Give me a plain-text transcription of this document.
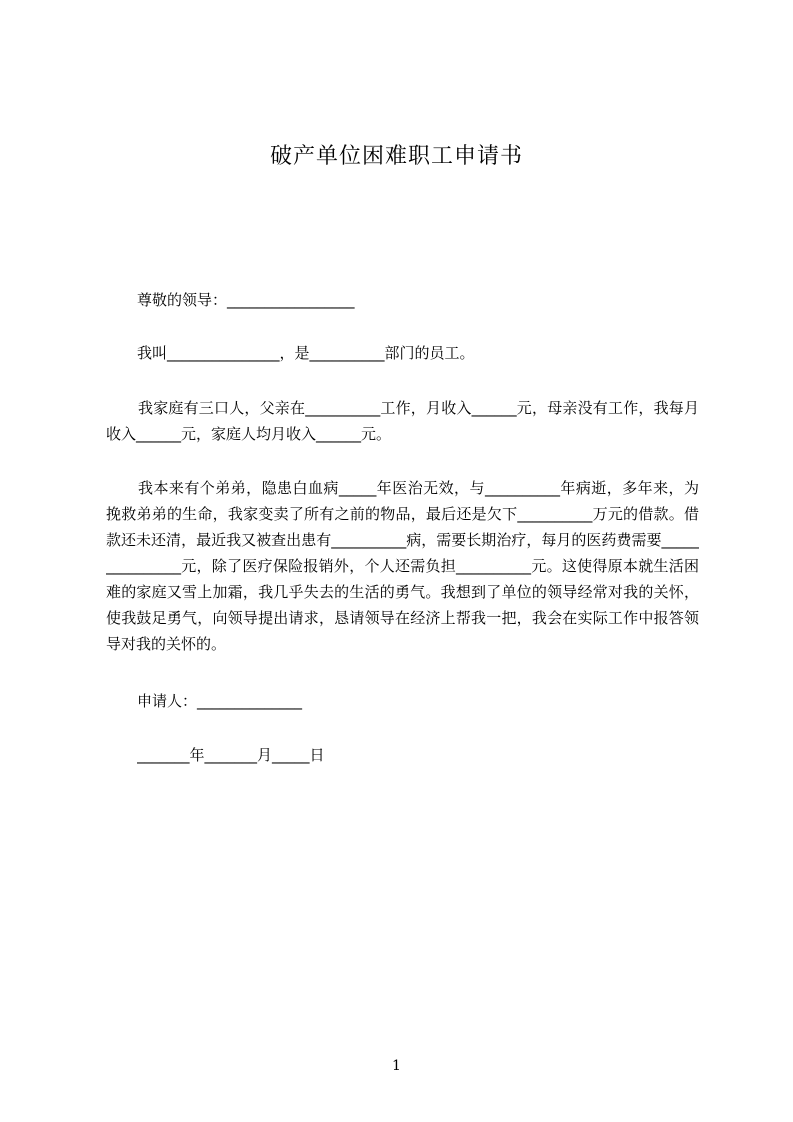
破产单位困难职工申请书
尊敬的领导：_________________
我叫_______________，是__________部门的员工。

我家庭有三口人，父亲在__________工作，月收入______元，母亲没有工作，我每月收入______元，家庭人均月收入______元。

我本来有个弟弟，隐患白血病_____年医治无效，与__________年病逝，多年来，为挽救弟弟的生命，我家变卖了所有之前的物品，最后还是欠下__________万元的借款。借款还未还清，最近我又被查出患有__________病，需要长期治疗，每月的医药费需要_______________元，除了医疗保险报销外，个人还需负担__________元。这使得原本就生活困难的家庭又雪上加霜，我几乎失去的生活的勇气。我想到了单位的领导经常对我的关怀，使我鼓足勇气，向领导提出请求，恳请领导在经济上帮我一把，我会在实际工作中报答领导对我的关怀的。

申请人：______________
_______年_______月_____日
1
